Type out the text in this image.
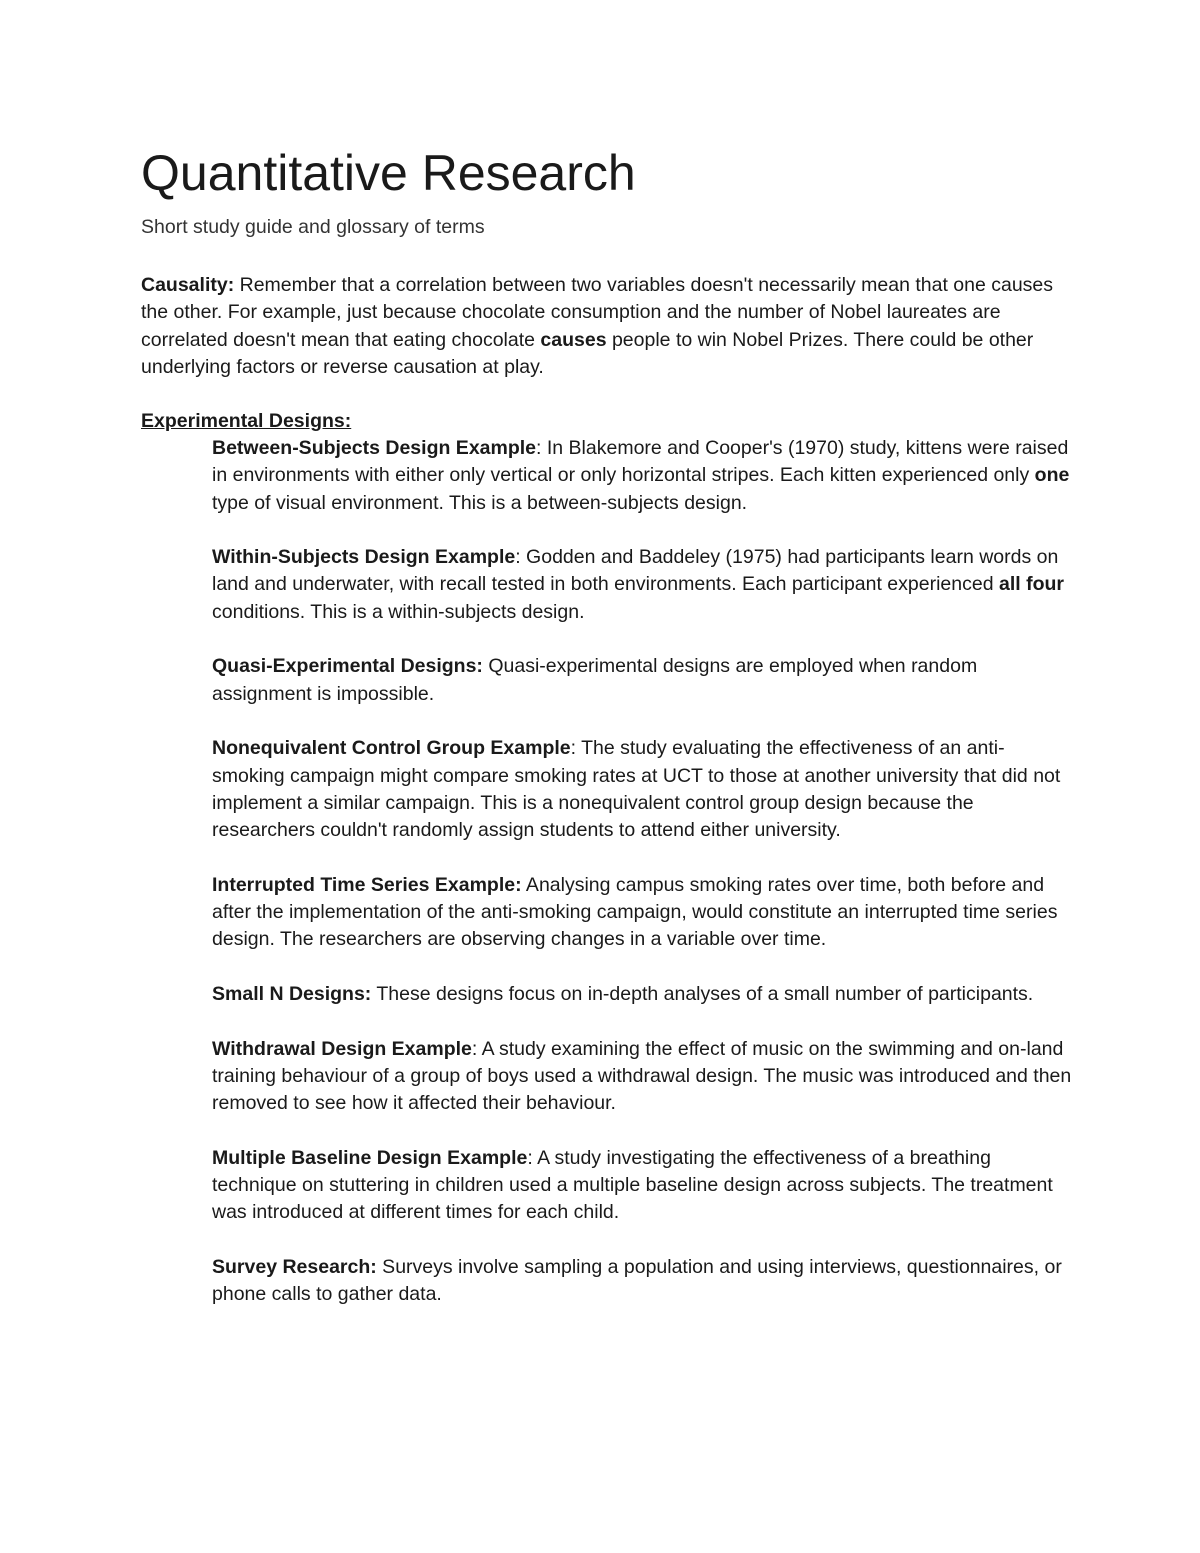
Quantitative Research

Short study guide and glossary of terms

Causality: Remember that a correlation between two variables doesn't necessarily mean that one causes the other. For example, just because chocolate consumption and the number of Nobel laureates are correlated doesn't mean that eating chocolate causes people to win Nobel Prizes. There could be other underlying factors or reverse causation at play.

Experimental Designs:

Between-Subjects Design Example: In Blakemore and Cooper's (1970) study, kittens were raised in environments with either only vertical or only horizontal stripes. Each kitten experienced only one type of visual environment. This is a between-subjects design.

Within-Subjects Design Example: Godden and Baddeley (1975) had participants learn words on land and underwater, with recall tested in both environments. Each participant experienced all four conditions. This is a within-subjects design.

Quasi-Experimental Designs: Quasi-experimental designs are employed when random assignment is impossible.

Nonequivalent Control Group Example: The study evaluating the effectiveness of an anti-smoking campaign might compare smoking rates at UCT to those at another university that did not implement a similar campaign. This is a nonequivalent control group design because the researchers couldn't randomly assign students to attend either university.

Interrupted Time Series Example: Analysing campus smoking rates over time, both before and after the implementation of the anti-smoking campaign, would constitute an interrupted time series design. The researchers are observing changes in a variable over time.

Small N Designs: These designs focus on in-depth analyses of a small number of participants.

Withdrawal Design Example: A study examining the effect of music on the swimming and on-land training behaviour of a group of boys used a withdrawal design. The music was introduced and then removed to see how it affected their behaviour.

Multiple Baseline Design Example: A study investigating the effectiveness of a breathing technique on stuttering in children used a multiple baseline design across subjects. The treatment was introduced at different times for each child.

Survey Research: Surveys involve sampling a population and using interviews, questionnaires, or phone calls to gather data.
